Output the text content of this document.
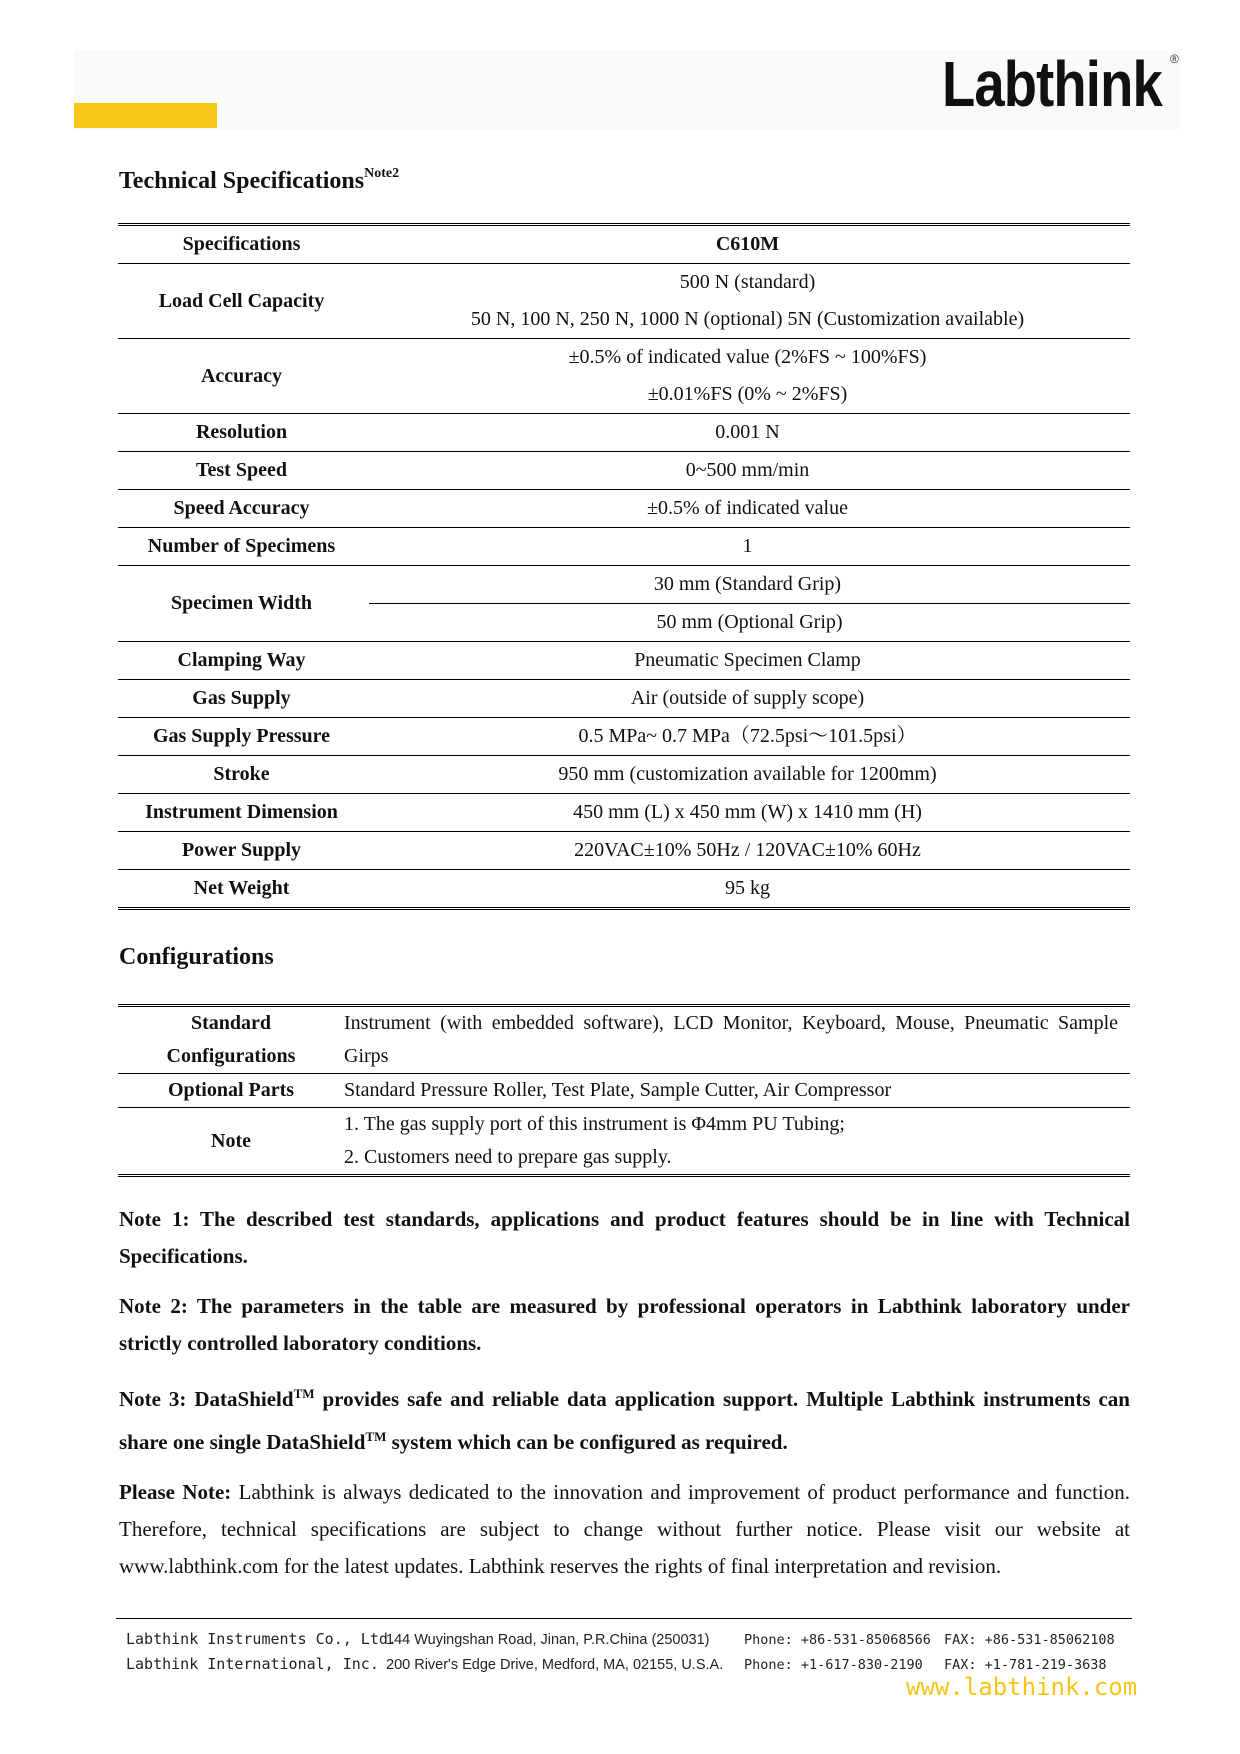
Labthink ®
Technical Specifications$^{Note2}$
Specifications	C610M	
Load Cell Capacity	500 N (standard)	
	50 N, 100 N, 250 N, 1000 N (optional) 5N (Customization available)	
Accuracy	±0.5% of indicated value (2%FS ~ 100%FS)	
	±0.01%FS (0% ~ 2%FS)	
Resolution	0.001 N	
Test Speed	0~500 mm/min	
Speed Accuracy	±0.5% of indicated value	
Number of Specimens	1	
Specimen Width	30 mm (Standard Grip)	
		50 mm (Optional Grip)
Clamping Way	Pneumatic Specimen Clamp	
Gas Supply	Air (outside of supply scope)	
Gas Supply Pressure	0.5 MPa~ 0.7 MPa（72.5psi～101.5psi）	
Stroke	950 mm (customization available for 1200mm)	
Instrument Dimension	450 mm (L) x 450 mm (W) x 1410 mm (H)	
Power Supply	220VAC±10% 50Hz / 120VAC±10% 60Hz	
Net Weight	95 kg	
Configurations
Standard
Configurations	Instrument (with embedded software), LCD Monitor, Keyboard, Mouse, Pneumatic Sample Girps
Optional Parts	Standard Pressure Roller, Test Plate, Sample Cutter, Air Compressor
Note	1. The gas supply port of this instrument is Φ4mm PU Tubing;
2. Customers need to prepare gas supply.

Note 1: The described test standards, applications and product features should be in line with Technical Specifications.

Note 2: The parameters in the table are measured by professional operators in Labthink laboratory under strictly controlled laboratory conditions.

Note 3: DataShield™ provides safe and reliable data application support. Multiple Labthink instruments can share one single DataShield™ system which can be configured as required.

Please Note: Labthink is always dedicated to the innovation and improvement of product performance and function. Therefore, technical specifications are subject to change without further notice. Please visit our website at www.labthink.com for the latest updates. Labthink reserves the rights of final interpretation and revision.

Labthink Instruments Co., Ltd.144 Wuyingshan Road, Jinan, P.R.China (250031)	Phone: +86-531-85068566 FAX: +86-531-85062108
Labthink International, Inc. 200 River's Edge Drive, Medford, MA, 02155, U.S.A. Phone: +1-617-830-2190 FAX: +1-781-219-3638
www.labthink.com
